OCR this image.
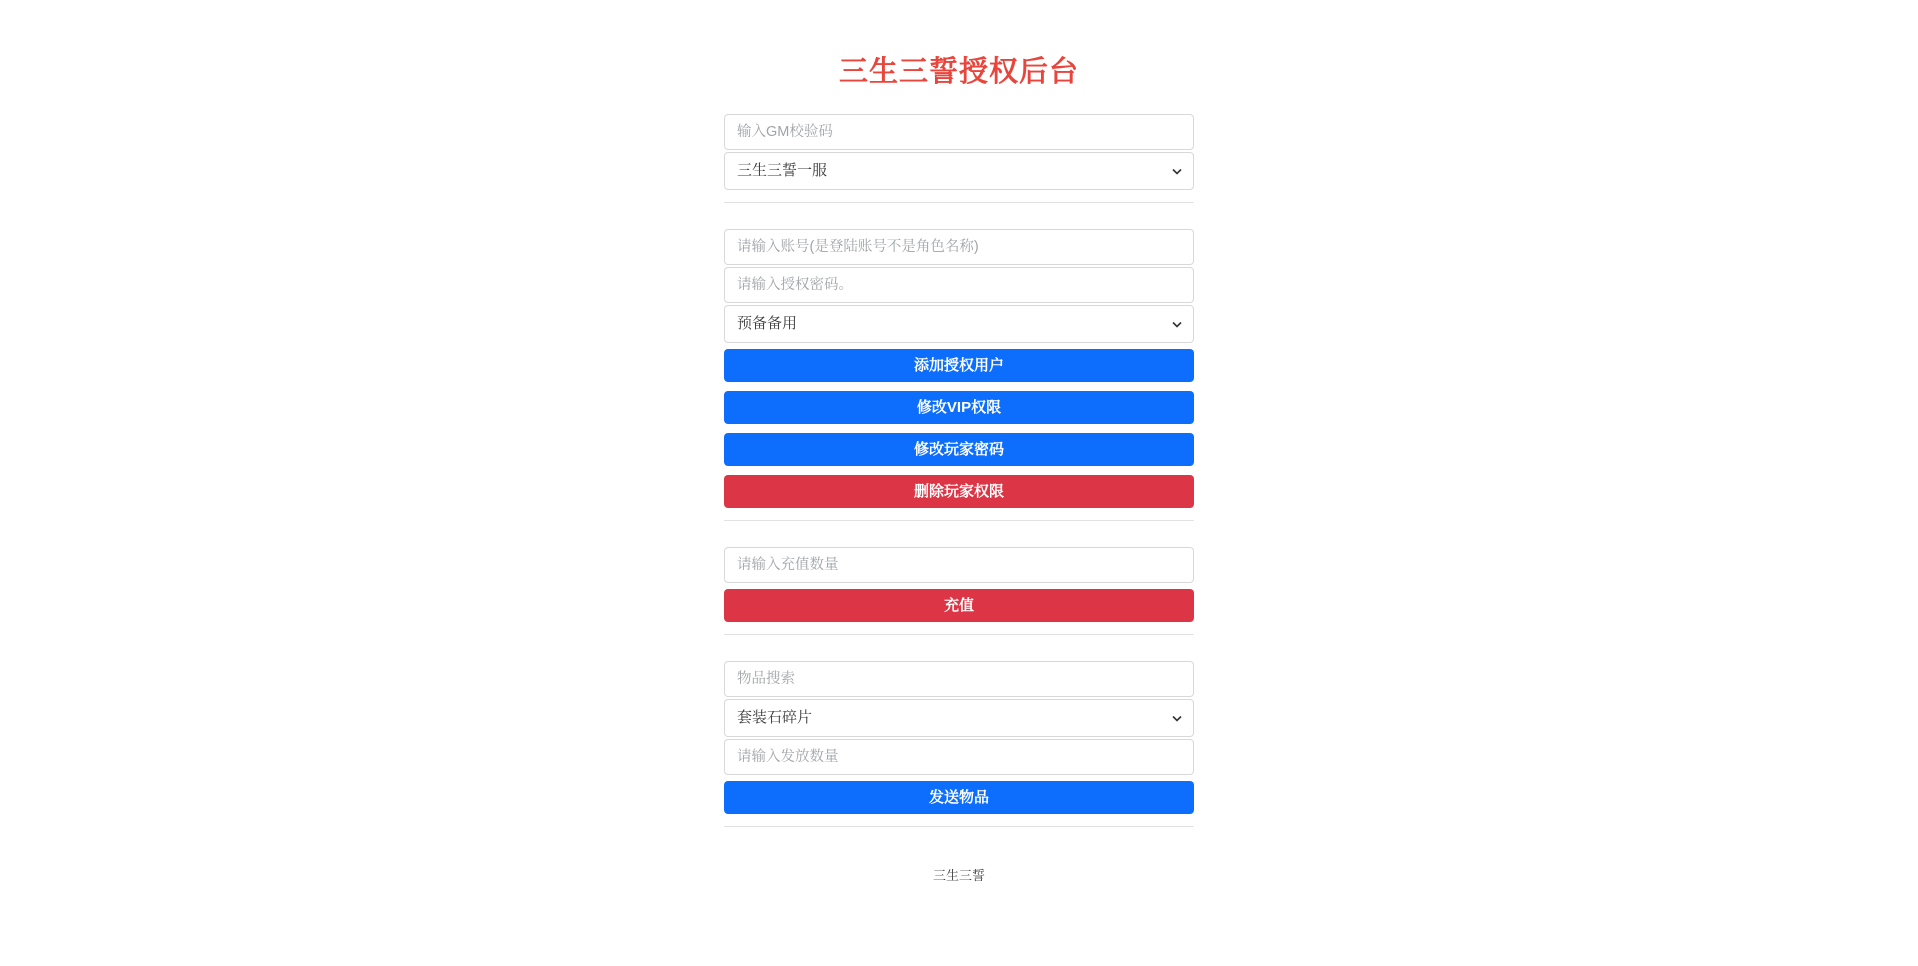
三生三誓授权后台
输入GM校验码
三生三誓一服
请输入账号(是登陆账号不是角色名称)
请输入授权密码。
预备备用
添加授权用户
修改VIP权限
修改玩家密码
删除玩家权限
请输入充值数量
充值
物品搜索
套装石碎片
请输入发放数量
发送物品
三生三誓
